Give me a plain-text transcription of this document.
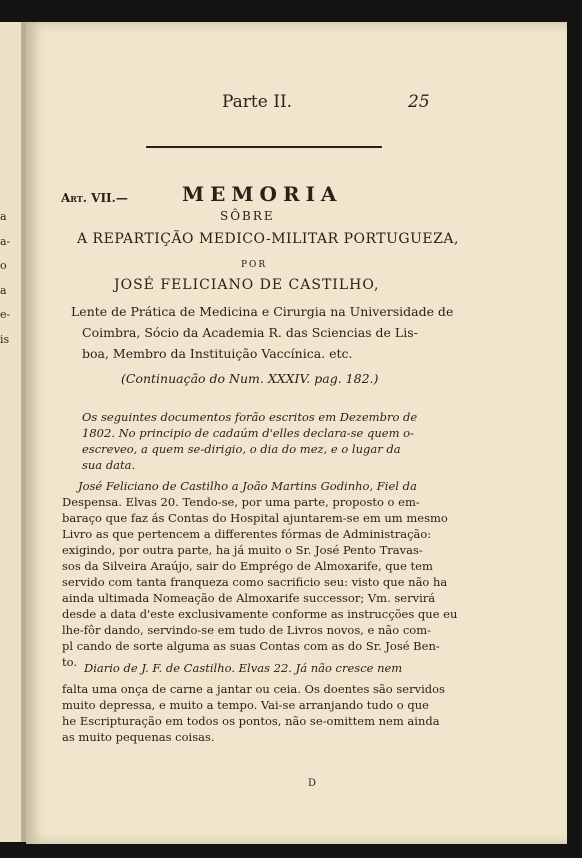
a
a-
o
a
e-
is
Parte II.	25
Art. VII.—	MEMORIA
SÔBRE
A REPARTIÇÃO MEDICO-MILITAR PORTUGUEZA,
POR
JOSÉ FELICIANO DE CASTILHO,
Lente de Prática de Medicina e Cirurgia na Universidade de
Coimbra, Sócio da Academia R. das Sciencias de Lis-
boa, Membro da Instituição Vaccínica. etc.
(Continuação do Num. XXXIV. pag. 182.)
Os seguintes documentos forão escritos em Dezembro de
1802. No principio de cadaúm d'elles declara-se quem o-
escreveo, a quem se-dirigio, o dia do mez, e o lugar da
sua data.
José Feliciano de Castilho a João Martins Godinho, Fiel da
Despensa. Elvas 20. Tendo-se, por uma parte, proposto o em-
baraço que faz ás Contas do Hospital ajuntarem-se em um mesmo
Livro as que pertencem a differentes fórmas de Administração:
exigindo, por outra parte, ha já muito o Sr. José Pento Travas-
sos da Silveira Araújo, sair do Emprégo de Almoxarife, que tem
servido com tanta franqueza como sacrificio seu: visto que não ha
ainda ultimada Nomeação de Almoxarife successor; Vm. servirá
desde a data d'este exclusivamente conforme as instrucções que eu
lhe-fôr dando, servindo-se em tudo de Livros novos, e não com-
pl cando de sorte alguma as suas Contas com as do Sr. José Ben-
to. Diario de J. F. de Castilho. Elvas 22. Já não cresce nem
falta uma onça de carne a jantar ou ceia. Os doentes são servidos
muito depressa, e muito a tempo. Vai-se arranjando tudo o que
he Escripturação em todos os pontos, não se-omittem nem ainda
as muito pequenas coisas.
D
